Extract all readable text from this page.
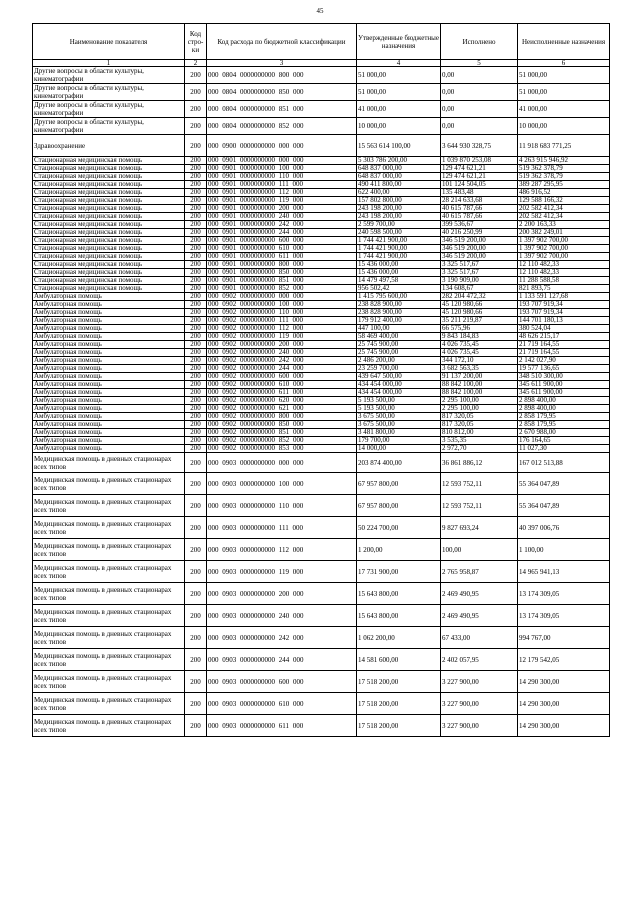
45
Наименование показателя	Код стро-ки	Код расхода по бюджетной классификации	Утвержденные бюджетные назначения	Исполнено	Неисполненные назначения
1	2	3	4	5	6
Другие вопросы в области культуры, кинематографии	200	000 0804 0000000000 800 000	51 000,00	0,00	51 000,00
Другие вопросы в области культуры, кинематографии	200	000 0804 0000000000 850 000	51 000,00	0,00	51 000,00
Другие вопросы в области культуры, кинематографии	200	000 0804 0000000000 851 000	41 000,00	0,00	41 000,00
Другие вопросы в области культуры, кинематографии	200	000 0804 0000000000 852 000	10 000,00	0,00	10 000,00
Здравоохранение	200	000 0900 0000000000 000 000	15 563 614 100,00	3 644 930 328,75	11 918 683 771,25
Стационарная медицинская помощь	200	000 0901 0000000000 000 000	5 303 786 200,00	1 039 870 253,08	4 263 915 946,92
Стационарная медицинская помощь	200	000 0901 0000000000 100 000	648 837 000,00	129 474 621,21	519 362 378,79
Стационарная медицинская помощь	200	000 0901 0000000000 110 000	648 837 000,00	129 474 621,21	519 362 378,79
Стационарная медицинская помощь	200	000 0901 0000000000 111 000	490 411 800,00	101 124 504,05	389 287 295,95
Стационарная медицинская помощь	200	000 0901 0000000000 112 000	622 400,00	135 483,48	486 916,52
Стационарная медицинская помощь	200	000 0901 0000000000 119 000	157 802 800,00	28 214 633,68	129 588 166,32
Стационарная медицинская помощь	200	000 0901 0000000000 200 000	243 198 200,00	40 615 787,66	202 582 412,34
Стационарная медицинская помощь	200	000 0901 0000000000 240 000	243 198 200,00	40 615 787,66	202 582 412,34
Стационарная медицинская помощь	200	000 0901 0000000000 242 000	2 599 700,00	399 536,67	2 200 163,33
Стационарная медицинская помощь	200	000 0901 0000000000 244 000	240 598 500,00	40 216 250,99	200 382 249,01
Стационарная медицинская помощь	200	000 0901 0000000000 600 000	1 744 421 900,00	346 519 200,00	1 397 902 700,00
Стационарная медицинская помощь	200	000 0901 0000000000 610 000	1 744 421 900,00	346 519 200,00	1 397 902 700,00
Стационарная медицинская помощь	200	000 0901 0000000000 611 000	1 744 421 900,00	346 519 200,00	1 397 902 700,00
Стационарная медицинская помощь	200	000 0901 0000000000 800 000	15 436 000,00	3 325 517,67	12 110 482,33
Стационарная медицинская помощь	200	000 0901 0000000000 850 000	15 436 000,00	3 325 517,67	12 110 482,33
Стационарная медицинская помощь	200	000 0901 0000000000 851 000	14 479 497,58	3 190 909,00	11 288 588,58
Стационарная медицинская помощь	200	000 0901 0000000000 852 000	956 502,42	134 608,67	821 893,75
Амбулаторная помощь	200	000 0902 0000000000 000 000	1 415 795 600,00	282 204 472,32	1 133 591 127,68
Амбулаторная помощь	200	000 0902 0000000000 100 000	238 828 900,00	45 120 980,66	193 707 919,34
Амбулаторная помощь	200	000 0902 0000000000 110 000	238 828 900,00	45 120 980,66	193 707 919,34
Амбулаторная помощь	200	000 0902 0000000000 111 000	179 912 400,00	35 211 219,87	144 701 180,13
Амбулаторная помощь	200	000 0902 0000000000 112 000	447 100,00	66 575,96	380 524,04
Амбулаторная помощь	200	000 0902 0000000000 119 000	58 469 400,00	9 843 184,83	48 626 215,17
Амбулаторная помощь	200	000 0902 0000000000 200 000	25 745 900,00	4 026 735,45	21 719 164,55
Амбулаторная помощь	200	000 0902 0000000000 240 000	25 745 900,00	4 026 735,45	21 719 164,55
Амбулаторная помощь	200	000 0902 0000000000 242 000	2 486 200,00	344 172,10	2 142 027,90
Амбулаторная помощь	200	000 0902 0000000000 244 000	23 259 700,00	3 682 563,35	19 577 136,65
Амбулаторная помощь	200	000 0902 0000000000 600 000	439 647 500,00	91 137 200,00	348 510 300,00
Амбулаторная помощь	200	000 0902 0000000000 610 000	434 454 000,00	88 842 100,00	345 611 900,00
Амбулаторная помощь	200	000 0902 0000000000 611 000	434 454 000,00	88 842 100,00	345 611 900,00
Амбулаторная помощь	200	000 0902 0000000000 620 000	5 193 500,00	2 295 100,00	2 898 400,00
Амбулаторная помощь	200	000 0902 0000000000 621 000	5 193 500,00	2 295 100,00	2 898 400,00
Амбулаторная помощь	200	000 0902 0000000000 800 000	3 675 500,00	817 320,05	2 858 179,95
Амбулаторная помощь	200	000 0902 0000000000 850 000	3 675 500,00	817 320,05	2 858 179,95
Амбулаторная помощь	200	000 0902 0000000000 851 000	3 481 800,00	810 812,00	2 670 988,00
Амбулаторная помощь	200	000 0902 0000000000 852 000	179 700,00	3 535,35	176 164,65
Амбулаторная помощь	200	000 0902 0000000000 853 000	14 000,00	2 972,70	11 027,30
Медицинская помощь в дневных стационарах всех типов	200	000 0903 0000000000 000 000	203 874 400,00	36 861 886,12	167 012 513,88
Медицинская помощь в дневных стационарах всех типов	200	000 0903 0000000000 100 000	67 957 800,00	12 593 752,11	55 364 047,89
Медицинская помощь в дневных стационарах всех типов	200	000 0903 0000000000 110 000	67 957 800,00	12 593 752,11	55 364 047,89
Медицинская помощь в дневных стационарах всех типов	200	000 0903 0000000000 111 000	50 224 700,00	9 827 693,24	40 397 006,76
Медицинская помощь в дневных стационарах всех типов	200	000 0903 0000000000 112 000	1 200,00	100,00	1 100,00
Медицинская помощь в дневных стационарах всех типов	200	000 0903 0000000000 119 000	17 731 900,00	2 765 958,87	14 965 941,13
Медицинская помощь в дневных стационарах всех типов	200	000 0903 0000000000 200 000	15 643 800,00	2 469 490,95	13 174 309,05
Медицинская помощь в дневных стационарах всех типов	200	000 0903 0000000000 240 000	15 643 800,00	2 469 490,95	13 174 309,05
Медицинская помощь в дневных стационарах всех типов	200	000 0903 0000000000 242 000	1 062 200,00	67 433,00	994 767,00
Медицинская помощь в дневных стационарах всех типов	200	000 0903 0000000000 244 000	14 581 600,00	2 402 057,95	12 179 542,05
Медицинская помощь в дневных стационарах всех типов	200	000 0903 0000000000 600 000	17 518 200,00	3 227 900,00	14 290 300,00
Медицинская помощь в дневных стационарах всех типов	200	000 0903 0000000000 610 000	17 518 200,00	3 227 900,00	14 290 300,00
Медицинская помощь в дневных стационарах всех типов	200	000 0903 0000000000 611 000	17 518 200,00	3 227 900,00	14 290 300,00
